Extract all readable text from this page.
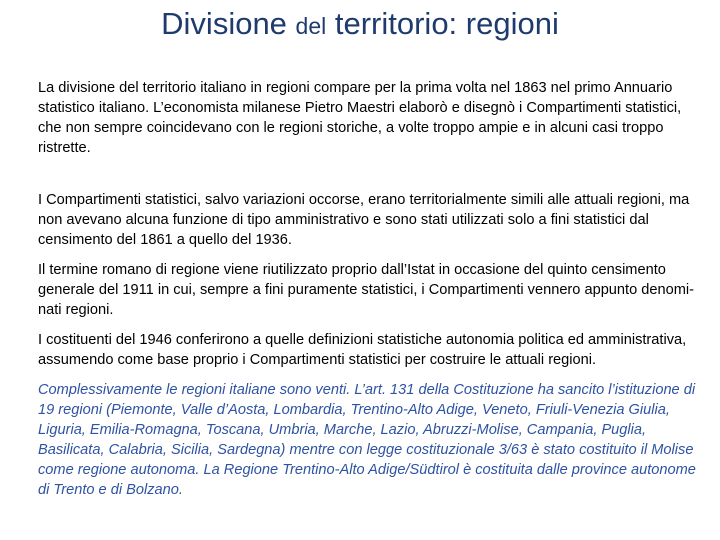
Divisione del territorio: regioni

La divisione del territorio italiano in regioni compare per la prima volta nel 1863 nel primo Annuario statistico italiano. L’economista milanese Pietro Maestri elaborò e disegnò i Compartimenti statistici, che non sempre coincidevano con le regioni storiche, a volte troppo ampie e in alcuni casi troppo ristrette.

I Compartimenti statistici, salvo variazioni occorse, erano territorialmente simili alle attuali regioni, ma non avevano alcuna funzione di tipo amministrativo e sono stati utilizzati solo a fini statistici dal censimento del 1861 a quello del 1936.

Il termine romano di regione viene riutilizzato proprio dall’Istat in occasione del quinto censimento generale del 1911 in cui, sempre a fini puramente statistici, i Compartimenti vennero appunto denomi-nati regioni.

I costituenti del 1946 conferirono a quelle definizioni statistiche autonomia politica ed amministrativa, assumendo come base proprio i Compartimenti statistici per costruire le attuali regioni.

Complessivamente le regioni italiane sono venti. L’art. 131 della Costituzione ha sancito l’istituzione di 19 regioni (Piemonte, Valle d’Aosta, Lombardia, Trentino-Alto Adige, Veneto, Friuli-Venezia Giulia, Liguria, Emilia-Romagna, Toscana, Umbria, Marche, Lazio, Abruzzi-Molise, Campania, Puglia, Basilicata, Calabria, Sicilia, Sardegna) mentre con legge costituzionale 3/63 è stato costituito il Molise come regione autonoma. La Regione Trentino-Alto Adige/Südtirol è costituita dalle province autonome di Trento e di Bolzano.
